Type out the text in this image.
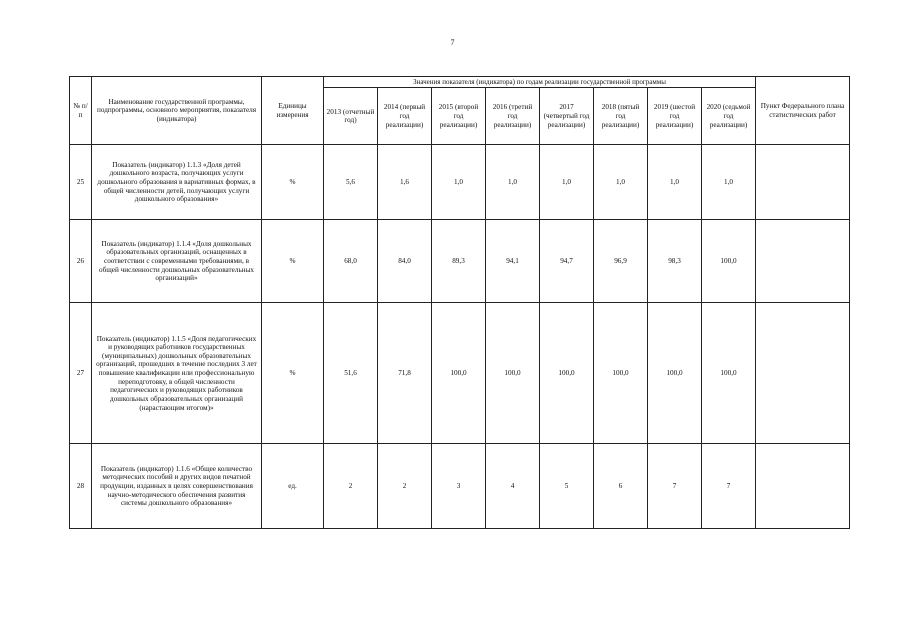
7
№ п/п	Наименование государственной программы, подпрограммы, основного мероприятия, показателя (индикатора)	Единицы измерения	Значения показателя (индикатора) по годам реализации государственной программы								Пункт Федерального плана статистических работ
			2013 (отчетный год)	2014 (первый год реализации)	2015 (второй год реализации)	2016 (третий год реализации)	2017 (четвертый год реализации)	2018 (пятый год реализации)	2019 (шестой год реализации)	2020 (седьмой год реализации)	
25	Показатель (индикатор) 1.1.3 «Доля детей дошкольного возраста, получающих услуги дошкольного образования в вариативных формах, в общей численности детей, получающих услуги дошкольного образования»	%	5,6	1,6	1,0	1,0	1,0	1,0	1,0	1,0	
26	Показатель (индикатор) 1.1.4 «Доля дошкольных образовательных организаций, оснащенных в соответствии с современными требованиями, в общей численности дошкольных образовательных организаций»	%	68,0	84,0	89,3	94,1	94,7	96,9	98,3	100,0	
27	Показатель (индикатор) 1.1.5 «Доля педагогических и руководящих работников государственных (муниципальных) дошкольных образовательных организаций, прошедших в течение последних 3 лет повышение квалификации или профессиональную переподготовку, в общей численности педагогических и руководящих работников дошкольных образовательных организаций (нарастающим итогом)»	%	51,6	71,8	100,0	100,0	100,0	100,0	100,0	100,0	
28	Показатель (индикатор) 1.1.6 «Общее количество методических пособий и других видов печатной продукции, изданных в целях совершенствования научно-методического обеспечения развития системы дошкольного образования»	ед.	2	2	3	4	5	6	7	7	
